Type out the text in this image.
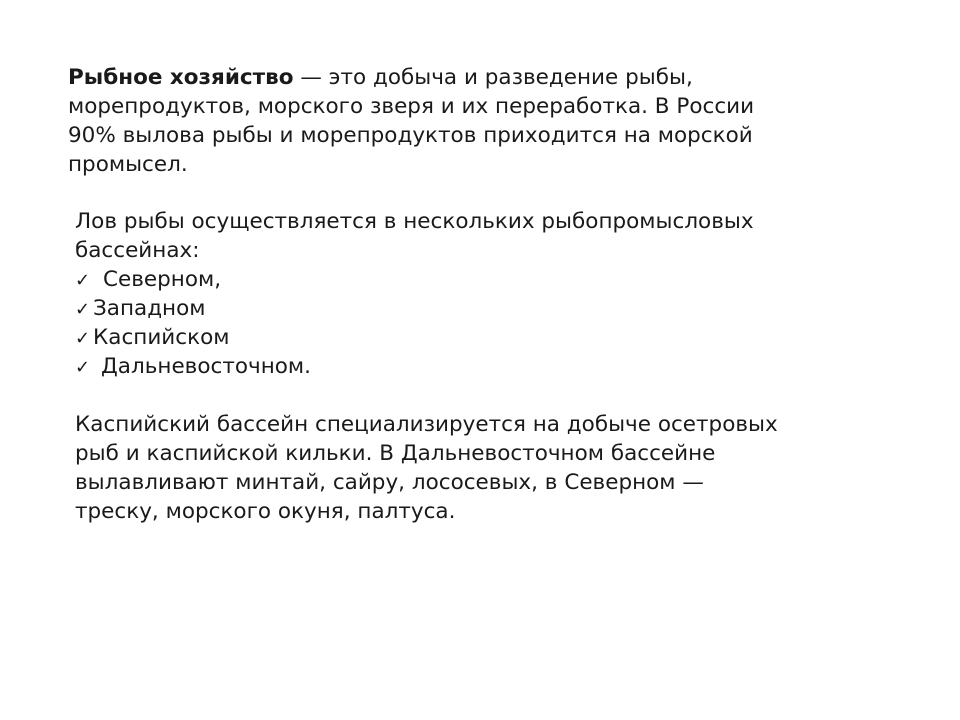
Рыбное хозяйство — это добыча и разведение рыбы,
морепродуктов, морского зверя и их переработка. В России
90% вылова рыбы и морепродуктов приходится на морской
промысел.

Лов рыбы осуществляется в нескольких рыбопромысловых
бассейнах:

✓ Северном,
✓ Западном
✓ Каспийском
✓ Дальневосточном.

Каспийский бассейн специализируется на добыче осетровых
рыб и каспийской кильки. В Дальневосточном бассейне
вылавливают минтай, сайру, лососевых, в Северном —
треску, морского окуня, палтуса.
